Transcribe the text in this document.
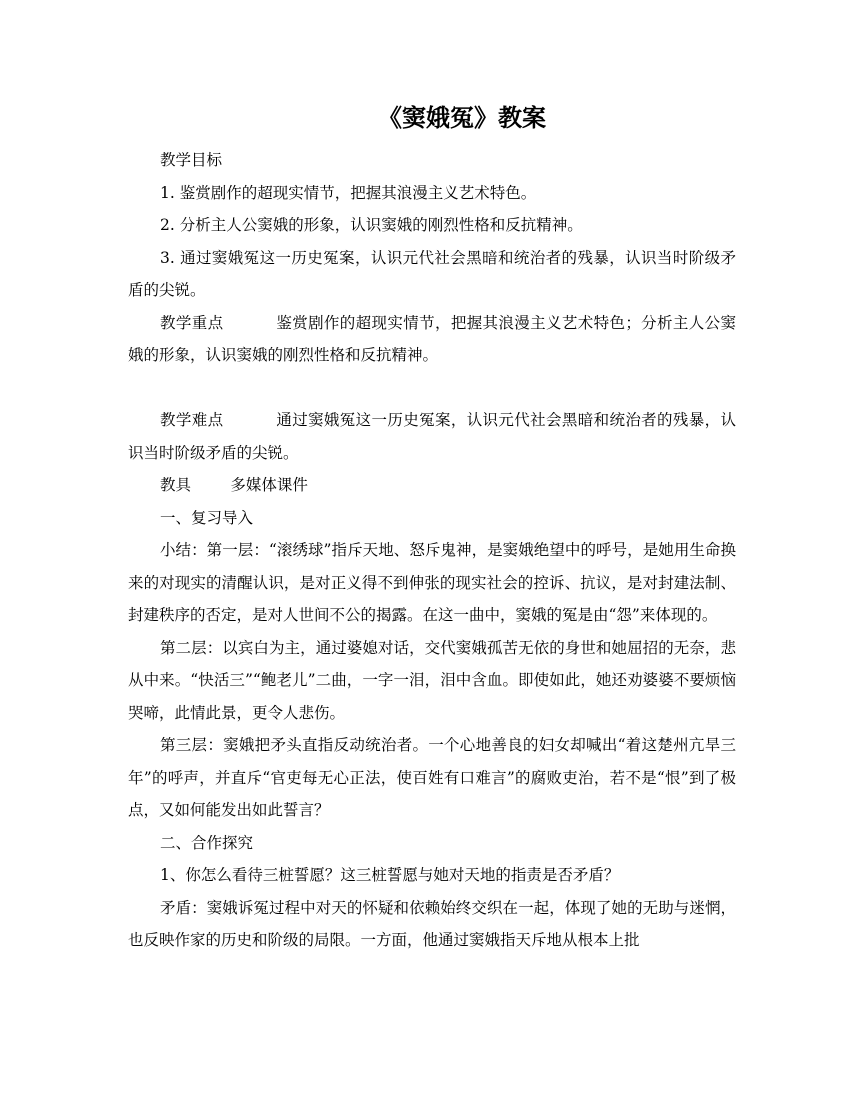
《窦娥冤》教案

教学目标

1. 鉴赏剧作的超现实情节，把握其浪漫主义艺术特色。

2. 分析主人公窦娥的形象，认识窦娥的刚烈性格和反抗精神。

3. 通过窦娥冤这一历史冤案，认识元代社会黑暗和统治者的残暴，认识当时阶级矛盾的尖锐。

教学重点          鉴赏剧作的超现实情节，把握其浪漫主义艺术特色；分析主人公窦娥的形象，认识窦娥的刚烈性格和反抗精神。

教学难点          通过窦娥冤这一历史冤案，认识元代社会黑暗和统治者的残暴，认识当时阶级矛盾的尖锐。

教具        多媒体课件

一、复习导入

小结：第一层：“滚绣球”指斥天地、怒斥鬼神，是窦娥绝望中的呼号，是她用生命换来的对现实的清醒认识，是对正义得不到伸张的现实社会的控诉、抗议，是对封建法制、封建秩序的否定，是对人世间不公的揭露。在这一曲中，窦娥的冤是由“怨”来体现的。

第二层：以宾白为主，通过婆媳对话，交代窦娥孤苦无依的身世和她屈招的无奈，悲从中来。“快活三”“鲍老儿”二曲，一字一泪，泪中含血。即使如此，她还劝婆婆不要烦恼哭啼，此情此景，更令人悲伤。

第三层：窦娥把矛头直指反动统治者。一个心地善良的妇女却喊出“着这楚州亢旱三年”的呼声，并直斥“官吏每无心正法，使百姓有口难言”的腐败吏治，若不是“恨”到了极点，又如何能发出如此誓言？

二、合作探究

1、你怎么看待三桩誓愿？这三桩誓愿与她对天地的指责是否矛盾？

矛盾：窦娥诉冤过程中对天的怀疑和依赖始终交织在一起，体现了她的无助与迷惘，也反映作家的历史和阶级的局限。一方面，他通过窦娥指天斥地从根本上批
